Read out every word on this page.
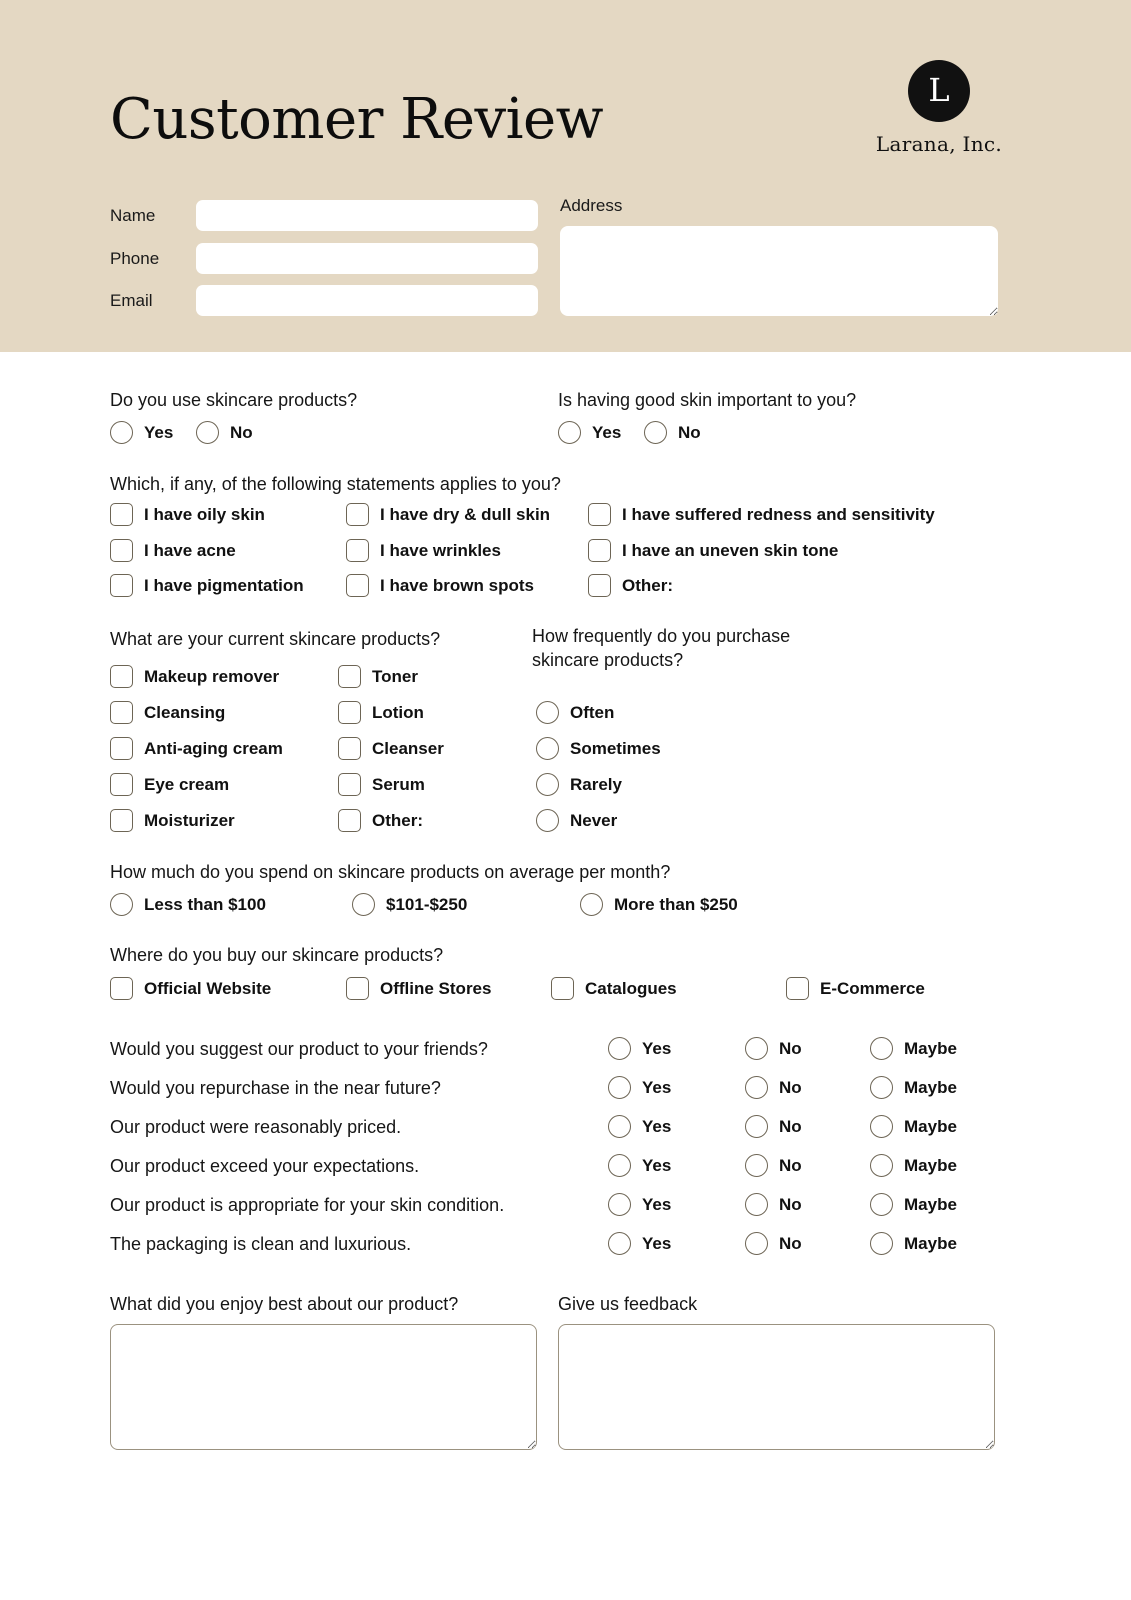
Customer Review	L
Larana, Inc.
Name
Phone
Email
Address
Do you use skincare products?
Yes	No
Is having good skin important to you?
Yes	No
Which, if any, of the following statements applies to you?
I have oily skin
I have acne
I have pigmentation
I have dry & dull skin
I have wrinkles
I have brown spots
I have suffered redness and sensitivity
I have an uneven skin tone
Other:
What are your current skincare products?
Makeup remover
Cleansing
Anti-aging cream
Eye cream
Moisturizer
Toner
Lotion
Cleanser
Serum
Other:
How frequently do you purchase skincare products?
Often
Sometimes
Rarely
Never
How much do you spend on skincare products on average per month?
Less than $100	$101-$250	More than $250
Where do you buy our skincare products?
Official Website	Offline Stores	Catalogues	E-Commerce
Would you suggest our product to your friends?	Yes	No	Maybe
Would you repurchase in the near future?	Yes	No	Maybe
Our product were reasonably priced.	Yes	No	Maybe
Our product exceed your expectations.	Yes	No	Maybe
Our product is appropriate for your skin condition.	Yes	No	Maybe
The packaging is clean and luxurious.	Yes	No	Maybe
What did you enjoy best about our product?	Give us feedback
